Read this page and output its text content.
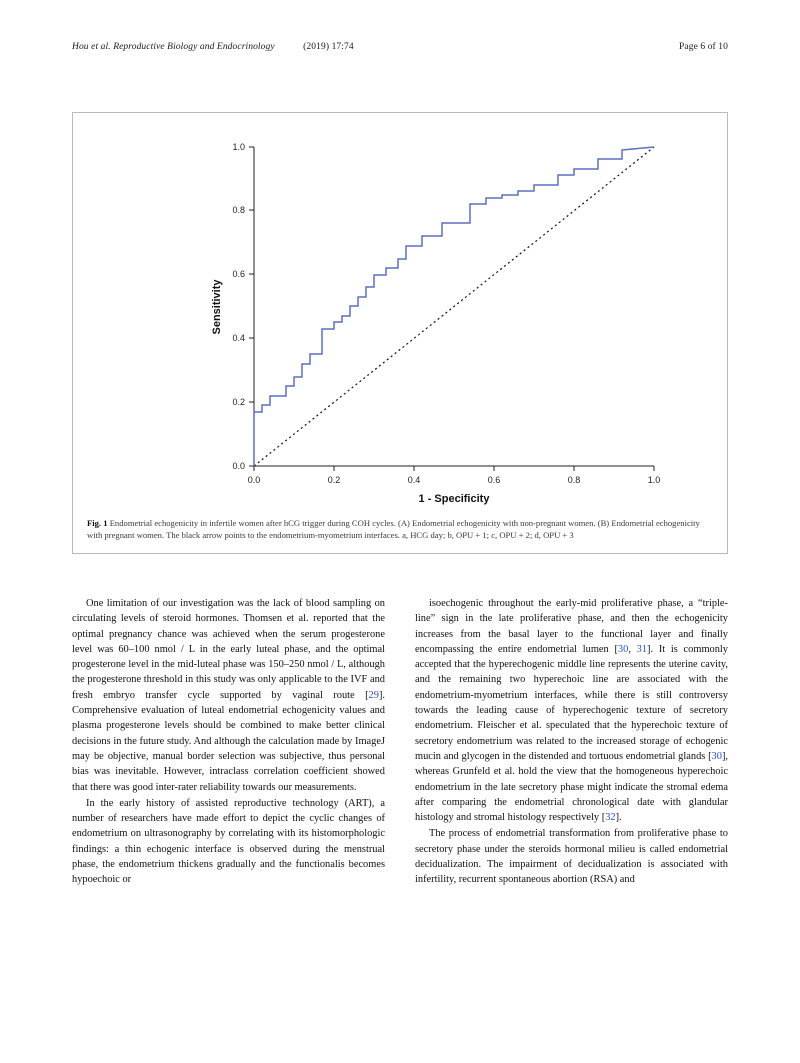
Hou et al. Reproductive Biology and Endocrinology	(2019) 17:74	Page 6 of 10
0.0	0.2	0.4	0.6	0.8	1.0
0.0
0.2
0.4
0.6
0.8
1.0
1 - Specificity
Sensitivity
Fig. 1 Endometrial echogenicity in infertile women after hCG trigger during COH cycles. (A) Endometrial echogenicity with non-pregnant women. (B) Endometrial echogenicity with pregnant women. The black arrow points to the endometrium-myometrium interfaces. a, HCG day; b, OPU + 1; c, OPU + 2; d, OPU + 3

One limitation of our investigation was the lack of blood sampling on circulating levels of steroid hormones. Thomsen et al. reported that the optimal pregnancy chance was achieved when the serum progesterone level was 60–100 nmol / L in the early luteal phase, and the optimal progesterone level in the mid-luteal phase was 150–250 nmol / L, although the progesterone threshold in this study was only applicable to the IVF and fresh embryo transfer cycle supported by vaginal route [29]. Comprehensive evaluation of luteal endometrial echogenicity values and plasma progesterone levels should be combined to make better clinical decisions in the future study. And although the calculation made by ImageJ may be objective, manual border selection was subjective, thus personal bias was inevitable. However, intraclass correlation coefficient showed that there was good inter-rater reliability towards our measurements.

In the early history of assisted reproductive technology (ART), a number of researchers have made effort to depict the cyclic changes of endometrium on ultrasonography by correlating with its histomorphologic findings: a thin echogenic interface is observed during the menstrual phase, the endometrium thickens gradually and the functionalis becomes hypoechoic or

isoechogenic throughout the early-mid proliferative phase, a “triple-line” sign in the late proliferative phase, and then the echogenicity increases from the basal layer to the functional layer and finally encompassing the entire endometrial lumen [30, 31]. It is commonly accepted that the hyperechogenic middle line represents the uterine cavity, and the remaining two hyperechoic line are associated with the endometrium-myometrium interfaces, while there is still controversy towards the leading cause of hyperechogenic texture of secretory endometrium. Fleischer et al. speculated that the hyperechoic texture of secretory endometrium was related to the increased storage of echogenic mucin and glycogen in the distended and tortuous endometrial glands [30], whereas Grunfeld et al. hold the view that the homogeneous hyperechoic endometrium in the late secretory phase might indicate the stromal edema after comparing the endometrial chronological date with glandular histology and stromal histology respectively [32].

The process of endometrial transformation from proliferative phase to secretory phase under the steroids hormonal milieu is called endometrial decidualization. The impairment of decidualization is associated with infertility, recurrent spontaneous abortion (RSA) and
